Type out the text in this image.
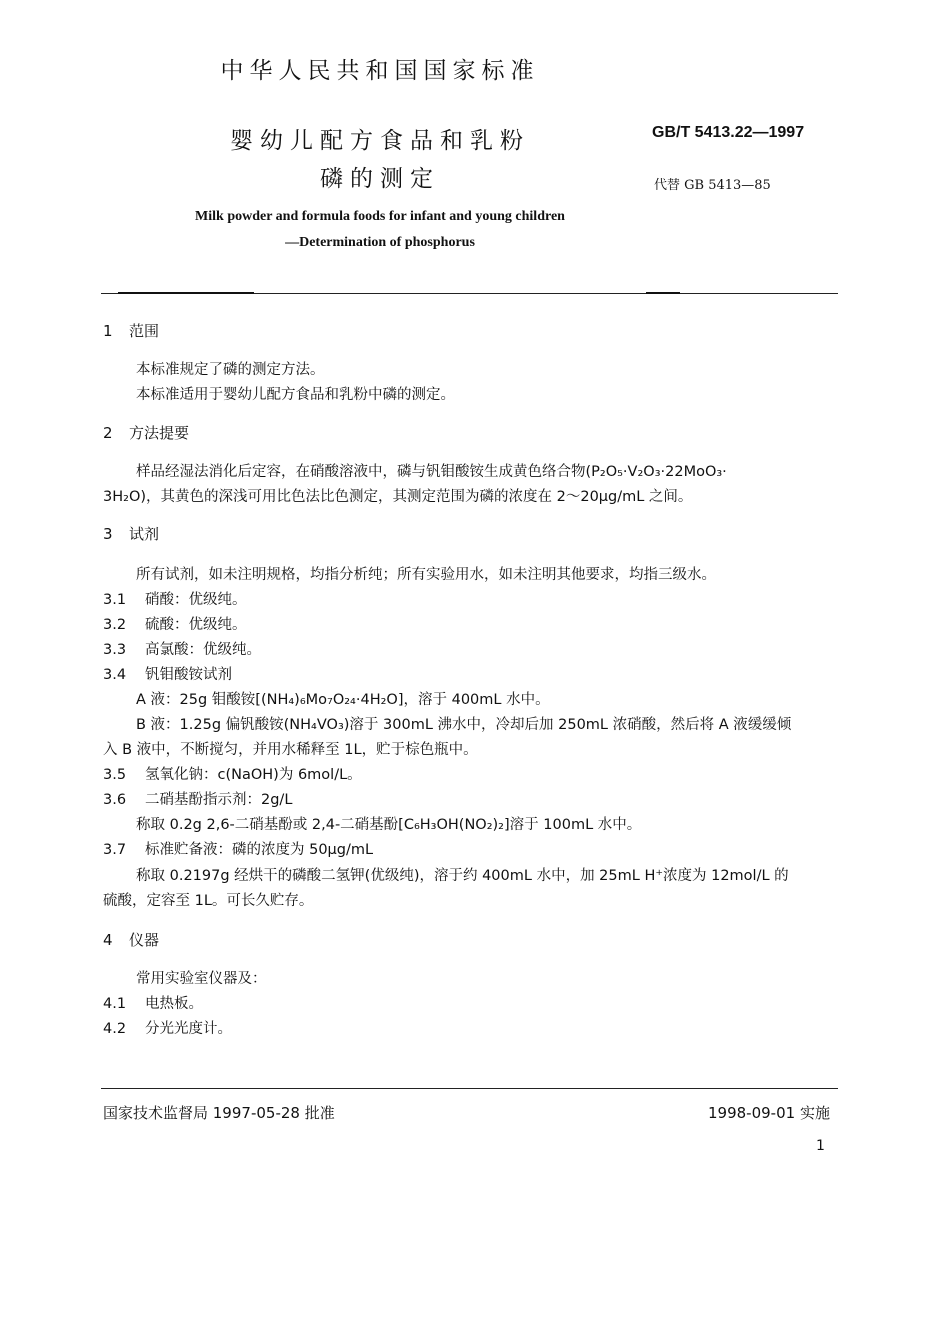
中华人民共和国国家标准
婴幼儿配方食品和乳粉
磷的测定
GB/T 5413.22—1997
代替 GB 5413—85
Milk powder and formula foods for infant and young children
—Determination of phosphorus
1 范围
本标准规定了磷的测定方法。
本标准适用于婴幼儿配方食品和乳粉中磷的测定。
2 方法提要
样品经湿法消化后定容，在硝酸溶液中，磷与钒钼酸铵生成黄色络合物(P₂O₅·V₂O₃·22MoO₃·
3H₂O)，其黄色的深浅可用比色法比色测定，其测定范围为磷的浓度在 2～20μg/mL 之间。
3 试剂
所有试剂，如未注明规格，均指分析纯；所有实验用水，如未注明其他要求，均指三级水。
3.1 硝酸：优级纯。
3.2 硫酸：优级纯。
3.3 高氯酸：优级纯。
3.4 钒钼酸铵试剂
A 液：25g 钼酸铵[(NH₄)₆Mo₇O₂₄·4H₂O]，溶于 400mL 水中。
B 液：1.25g 偏钒酸铵(NH₄VO₃)溶于 300mL 沸水中，冷却后加 250mL 浓硝酸，然后将 A 液缓缓倾
入 B 液中，不断搅匀，并用水稀释至 1L，贮于棕色瓶中。
3.5 氢氧化钠：c(NaOH)为 6mol/L。
3.6 二硝基酚指示剂：2g/L
称取 0.2g 2,6-二硝基酚或 2,4-二硝基酚[C₆H₃OH(NO₂)₂]溶于 100mL 水中。
3.7 标准贮备液：磷的浓度为 50μg/mL
称取 0.2197g 经烘干的磷酸二氢钾(优级纯)，溶于约 400mL 水中，加 25mL H⁺浓度为 12mol/L 的
硫酸，定容至 1L。可长久贮存。
4 仪器
常用实验室仪器及：
4.1 电热板。
4.2 分光光度计。
国家技术监督局 1997-05-28 批准	1998-09-01 实施
1
